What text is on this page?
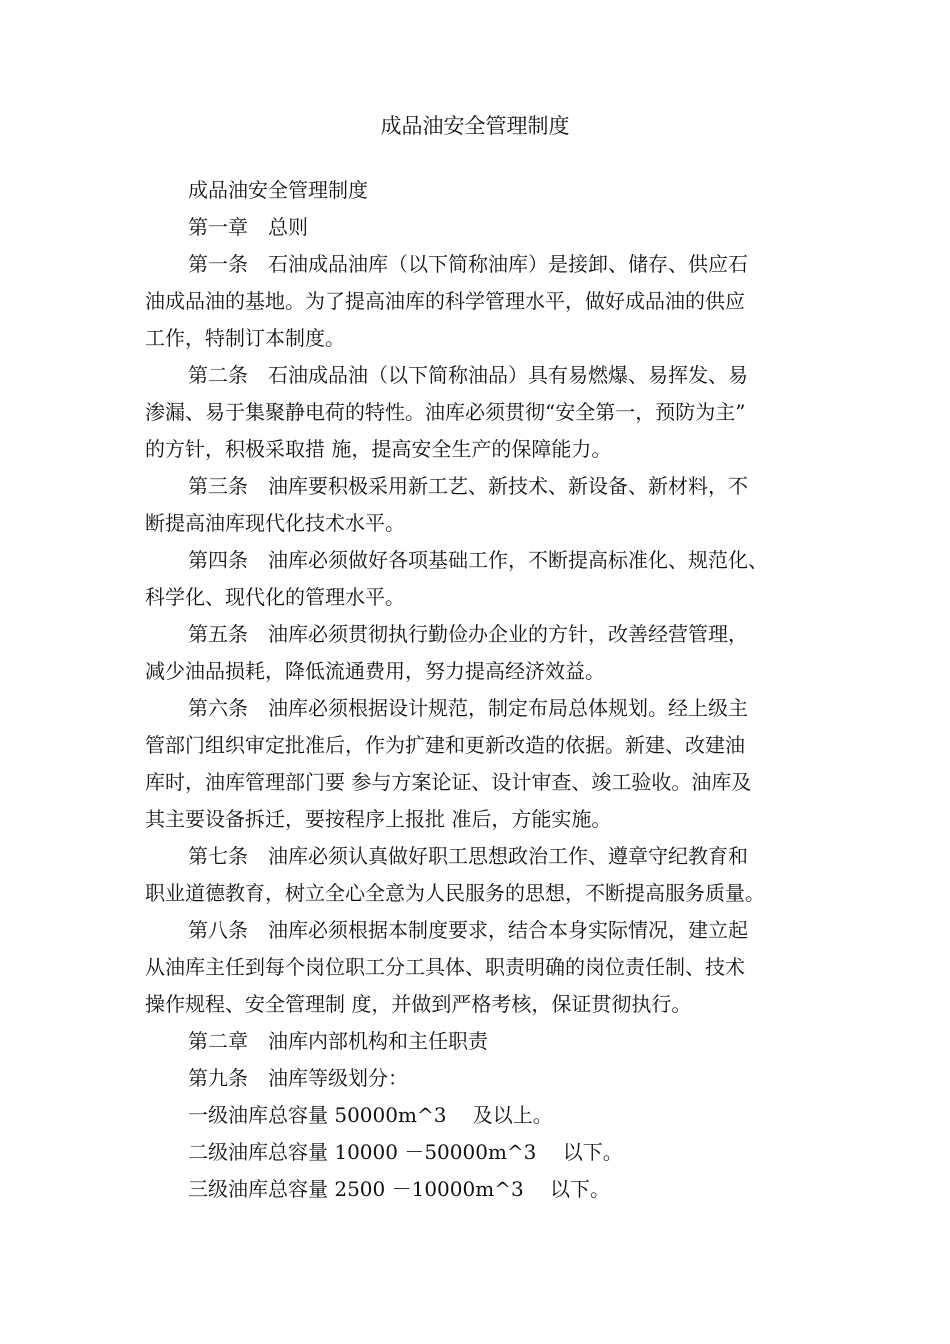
成品油安全管理制度
成品油安全管理制度
第一章　总则
第一条　石油成品油库（以下简称油库）是接卸、储存、供应石
油成品油的基地。为了提高油库的科学管理水平，做好成品油的供应
工作，特制订本制度。
第二条　石油成品油（以下简称油品）具有易燃爆、易挥发、易
渗漏、易于集聚静电荷的特性。油库必须贯彻“安全第一，预防为主”
的方针，积极采取措 施，提高安全生产的保障能力。
第三条　油库要积极采用新工艺、新技术、新设备、新材料，不
断提高油库现代化技术水平。
第四条　油库必须做好各项基础工作，不断提高标准化、规范化、
科学化、现代化的管理水平。
第五条　油库必须贯彻执行勤俭办企业的方针，改善经营管理，
减少油品损耗，降低流通费用，努力提高经济效益。
第六条　油库必须根据设计规范，制定布局总体规划。经上级主
管部门组织审定批准后，作为扩建和更新改造的依据。新建、改建油
库时，油库管理部门要 参与方案论证、设计审查、竣工验收。油库及
其主要设备拆迁，要按程序上报批 准后，方能实施。
第七条　油库必须认真做好职工思想政治工作、遵章守纪教育和
职业道德教育，树立全心全意为人民服务的思想，不断提高服务质量。
第八条　油库必须根据本制度要求，结合本身实际情况，建立起
从油库主任到每个岗位职工分工具体、职责明确的岗位责任制、技术
操作规程、安全管理制 度，并做到严格考核，保证贯彻执行。
第二章　油库内部机构和主任职责
第九条　油库等级划分：
一级油库总容量 50000m^3　 及以上。
二级油库总容量 10000 －50000m^3　 以下。
三级油库总容量 2500 －10000m^3　 以下。
